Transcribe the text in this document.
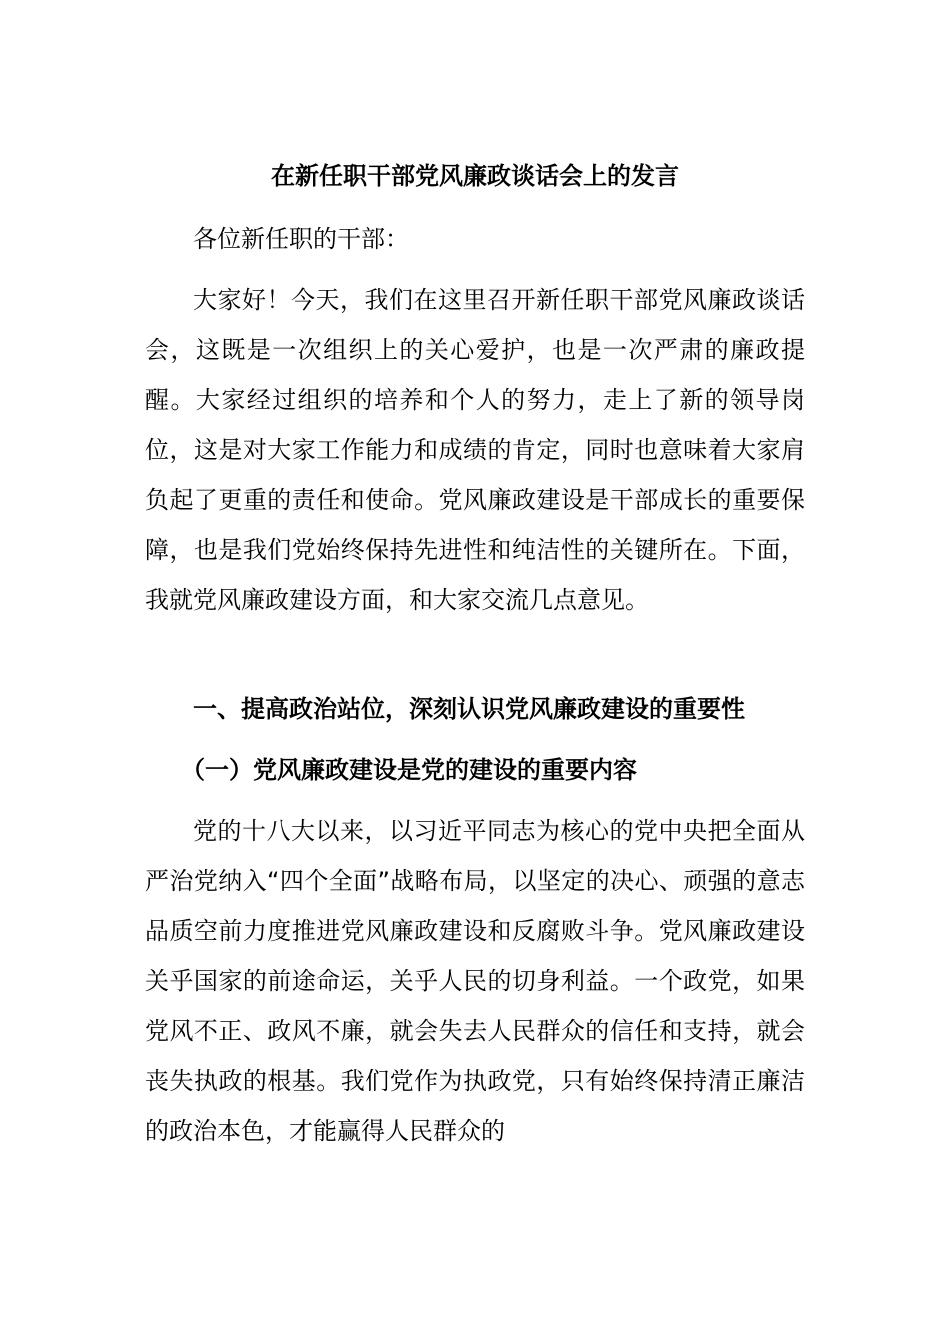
在新任职干部党风廉政谈话会上的发言
各位新任职的干部：
大家好！今天，我们在这里召开新任职干部党风廉政谈话会，这既是一次组织上的关心爱护，也是一次严肃的廉政提醒。大家经过组织的培养和个人的努力，走上了新的领导岗位，这是对大家工作能力和成绩的肯定，同时也意味着大家肩负起了更重的责任和使命。党风廉政建设是干部成长的重要保障，也是我们党始终保持先进性和纯洁性的关键所在。下面，我就党风廉政建设方面，和大家交流几点意见。
一、提高政治站位，深刻认识党风廉政建设的重要性
（一）党风廉政建设是党的建设的重要内容
党的十八大以来，以习近平同志为核心的党中央把全面从严治党纳入“四个全面”战略布局，以坚定的决心、顽强的意志品质空前力度推进党风廉政建设和反腐败斗争。党风廉政建设关乎国家的前途命运，关乎人民的切身利益。一个政党，如果党风不正、政风不廉，就会失去人民群众的信任和支持，就会丧失执政的根基。我们党作为执政党，只有始终保持清正廉洁的政治本色，才能赢得人民群众的
